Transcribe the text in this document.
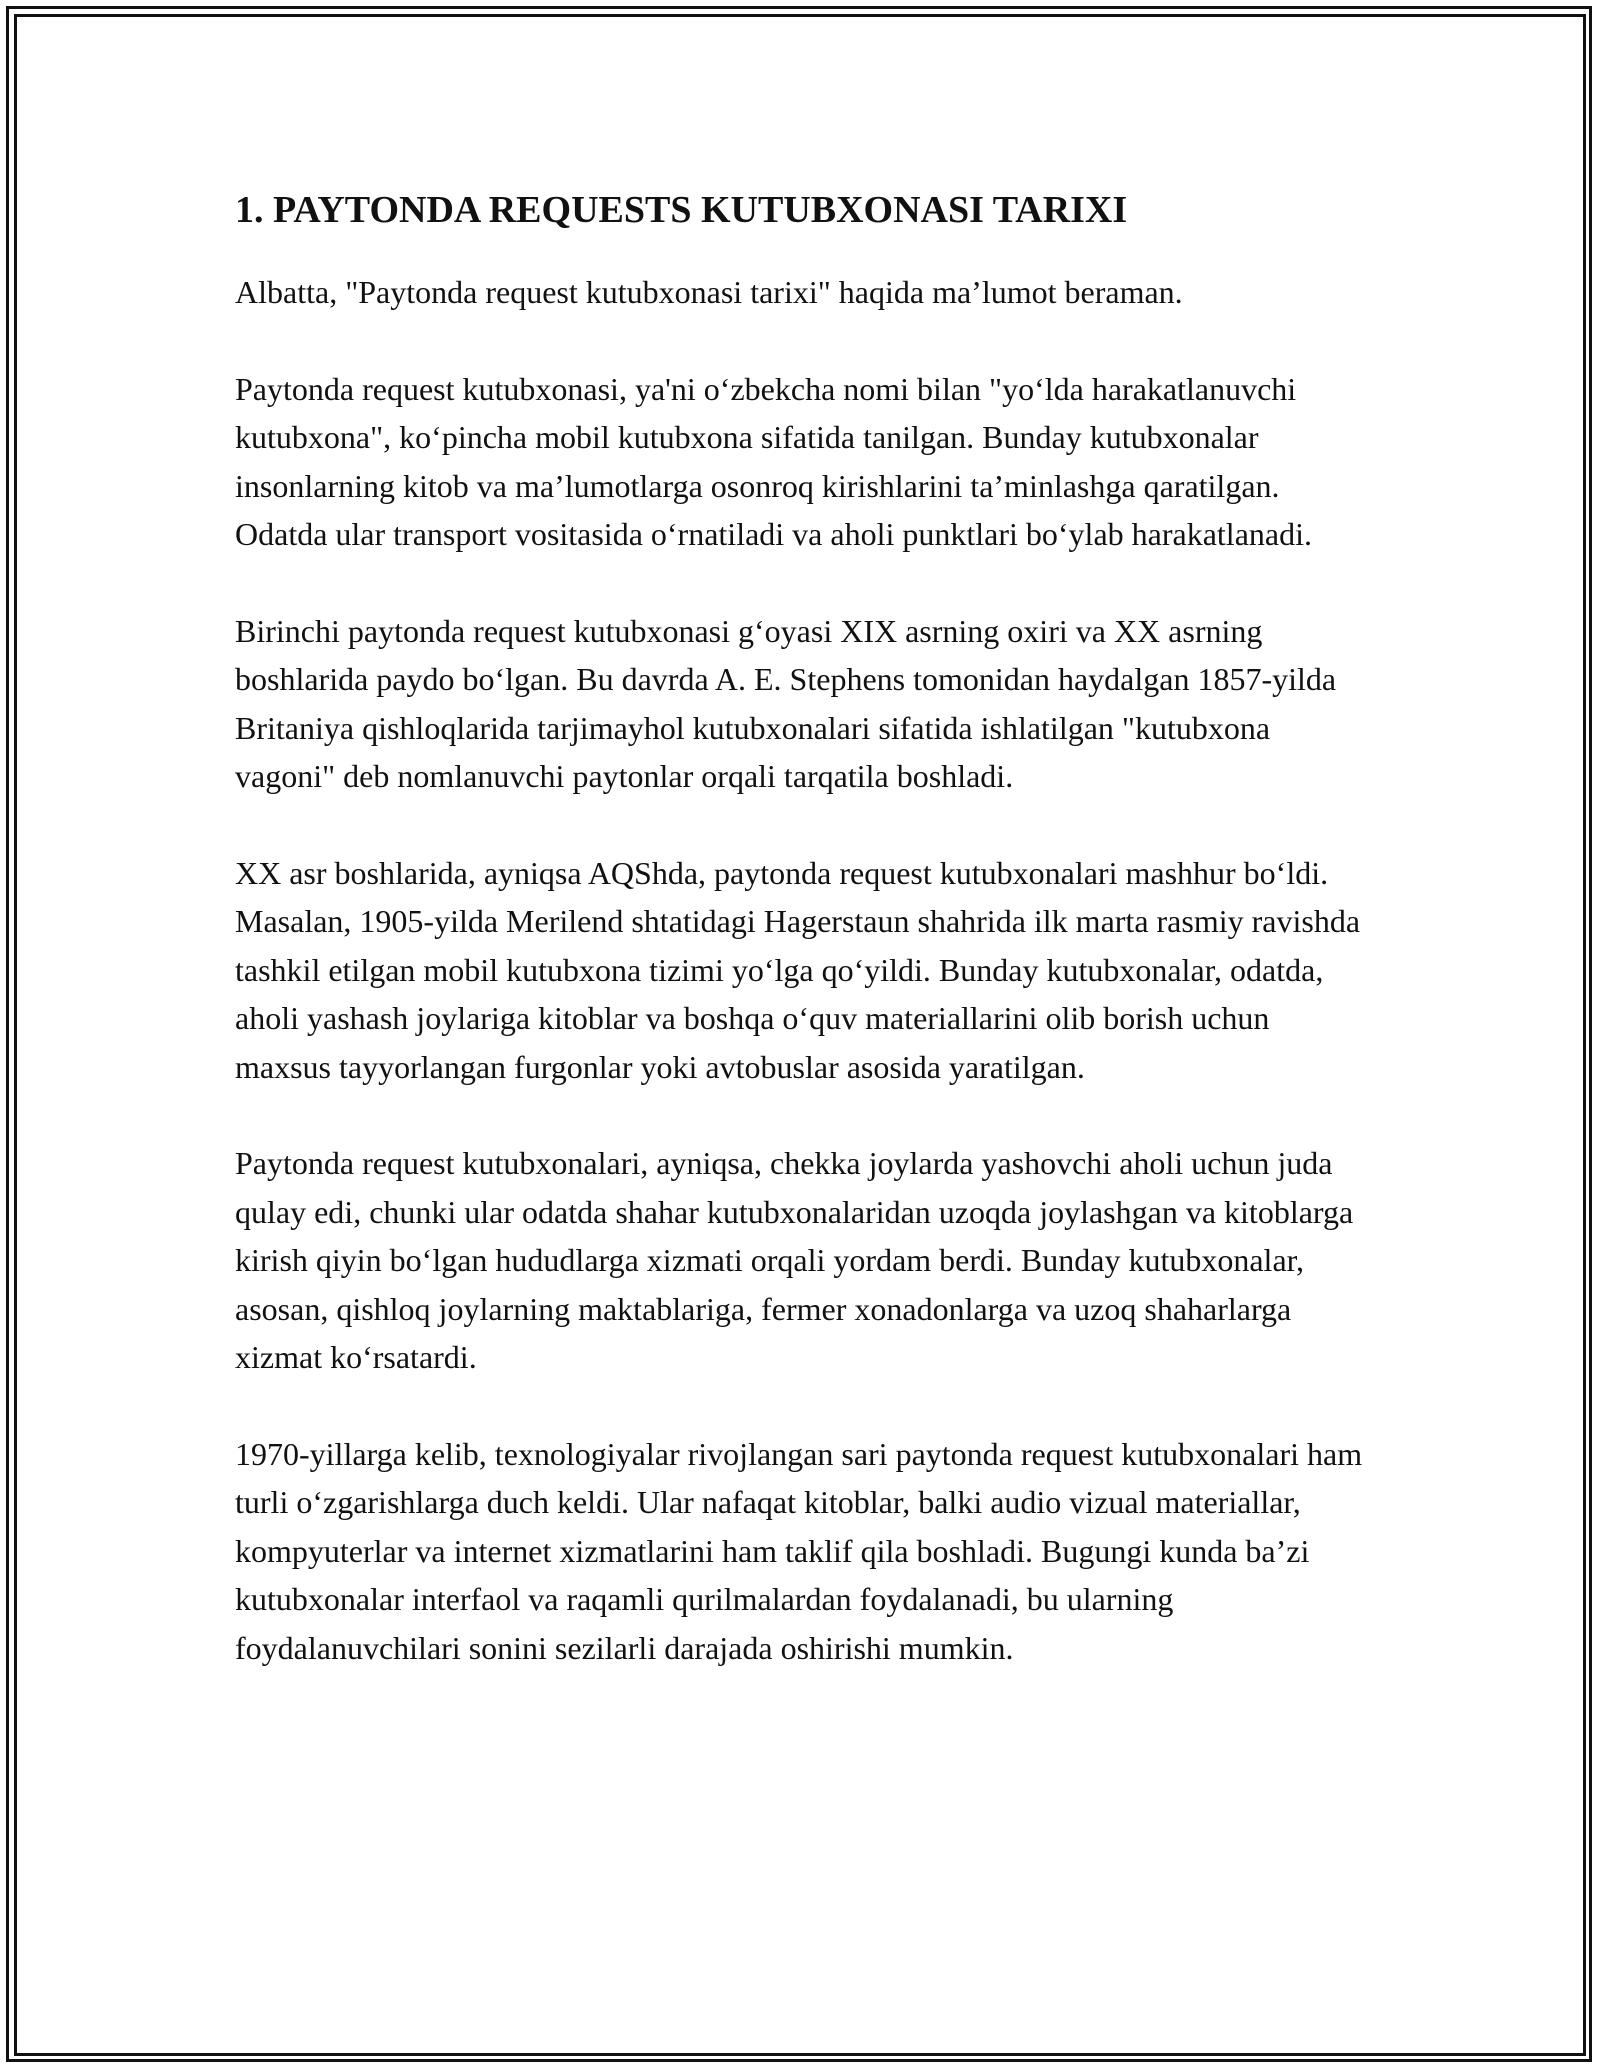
1. PAYTONDA REQUESTS KUTUBXONASI TARIXI

Albatta, "Paytonda request kutubxonasi tarixi" haqida ma’lumot beraman.

Paytonda request kutubxonasi, ya'ni o‘zbekcha nomi bilan "yo‘lda harakatlanuvchi kutubxona", ko‘pincha mobil kutubxona sifatida tanilgan. Bunday kutubxonalar insonlarning kitob va ma’lumotlarga osonroq kirishlarini ta’minlashga qaratilgan. Odatda ular transport vositasida o‘rnatiladi va aholi punktlari bo‘ylab harakatlanadi.

Birinchi paytonda request kutubxonasi g‘oyasi XIX asrning oxiri va XX asrning boshlarida paydo bo‘lgan. Bu davrda A. E. Stephens tomonidan haydalgan 1857-yilda Britaniya qishloqlarida tarjimayhol kutubxonalari sifatida ishlatilgan "kutubxona vagoni" deb nomlanuvchi paytonlar orqali tarqatila boshladi.

XX asr boshlarida, ayniqsa AQShda, paytonda request kutubxonalari mashhur bo‘ldi. Masalan, 1905-yilda Merilend shtatidagi Hagerstaun shahrida ilk marta rasmiy ravishda tashkil etilgan mobil kutubxona tizimi yo‘lga qo‘yildi. Bunday kutubxonalar, odatda, aholi yashash joylariga kitoblar va boshqa o‘quv materiallarini olib borish uchun maxsus tayyorlangan furgonlar yoki avtobuslar asosida yaratilgan.

Paytonda request kutubxonalari, ayniqsa, chekka joylarda yashovchi aholi uchun juda qulay edi, chunki ular odatda shahar kutubxonalaridan uzoqda joylashgan va kitoblarga kirish qiyin bo‘lgan hududlarga xizmati orqali yordam berdi. Bunday kutubxonalar, asosan, qishloq joylarning maktablariga, fermer xonadonlarga va uzoq shaharlarga xizmat ko‘rsatardi.

1970-yillarga kelib, texnologiyalar rivojlangan sari paytonda request kutubxonalari ham turli o‘zgarishlarga duch keldi. Ular nafaqat kitoblar, balki audio vizual materiallar, kompyuterlar va internet xizmatlarini ham taklif qila boshladi. Bugungi kunda ba’zi kutubxonalar interfaol va raqamli qurilmalardan foydalanadi, bu ularning foydalanuvchilari sonini sezilarli darajada oshirishi mumkin.
